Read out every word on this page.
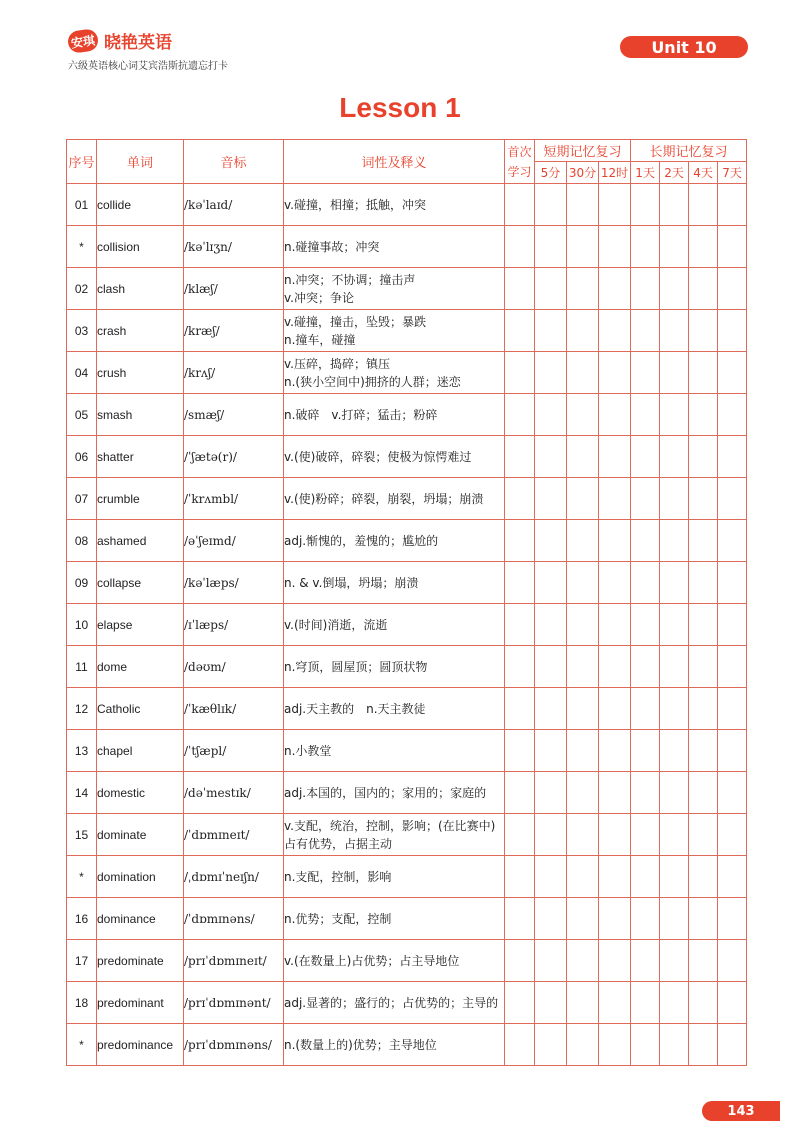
安琪 晓艳英语
六级英语核心词艾宾浩斯抗遗忘打卡
Unit 10
Lesson 1
序号	单词	音标	词性及释义	首次学习	短期记忆复习			长期记忆复习			
					5分	30分	12时	1天	2天	4天	7天
01	collide	/kəˈlaɪd/	v.碰撞，相撞；抵触，冲突								

*	collision	/kəˈlɪʒn/	n.碰撞事故；冲突								

02	clash	/klæʃ/	n.冲突；不协调；撞击声
v.冲突；争论								

03	crash	/kræʃ/	v.碰撞，撞击，坠毁；暴跌
n.撞车，碰撞								

04	crush	/krʌʃ/	v.压碎，捣碎；镇压
n.(狭小空间中)拥挤的人群；迷恋								

05	smash	/smæʃ/	n.破碎　v.打碎；猛击；粉碎								

06	shatter	/ˈʃætə(r)/	v.(使)破碎，碎裂；使极为惊愕难过								

07	crumble	/ˈkrʌmbl/	v.(使)粉碎；碎裂，崩裂，坍塌；崩溃								

08	ashamed	/əˈʃeɪmd/	adj.惭愧的，羞愧的；尴尬的								

09	collapse	/kəˈlæps/	n. & v.倒塌，坍塌；崩溃								

10	elapse	/ɪˈlæps/	v.(时间)消逝，流逝								

11	dome	/dəʊm/	n.穹顶，圆屋顶；圆顶状物								

12	Catholic	/ˈkæθlɪk/	adj.天主教的　n.天主教徒								

13	chapel	/ˈtʃæpl/	n.小教堂								

14	domestic	/dəˈmestɪk/	adj.本国的，国内的；家用的；家庭的								

15	dominate	/ˈdɒmɪneɪt/	v.支配，统治，控制，影响；(在比赛中)占有优势，占据主动								

*	domination	/ˌdɒmɪˈneɪʃn/	n.支配，控制，影响								

16	dominance	/ˈdɒmɪnəns/	n.优势；支配，控制								

17	predominate	/prɪˈdɒmɪneɪt/	v.(在数量上)占优势；占主导地位								

18	predominant	/prɪˈdɒmɪnənt/	adj.显著的；盛行的；占优势的；主导的								

*	predominance	/prɪˈdɒmɪnəns/	n.(数量上的)优势；主导地位								

143
